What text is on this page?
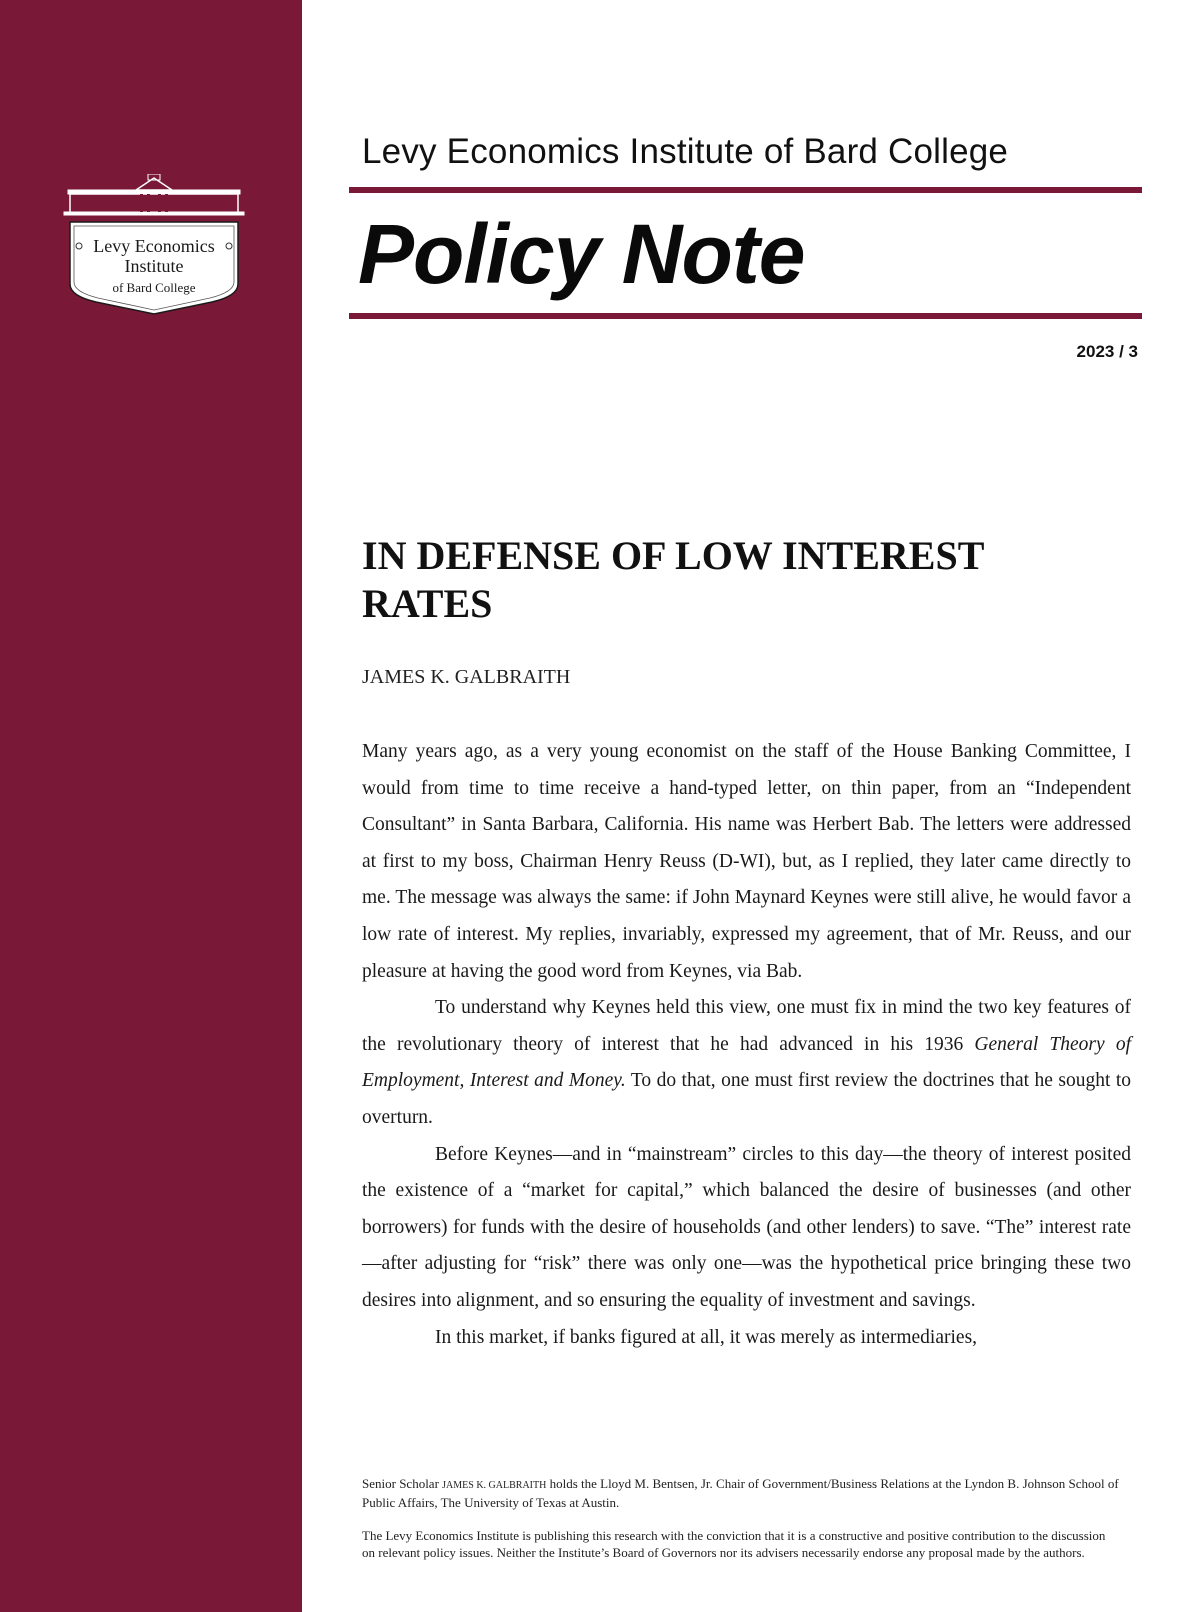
Levy Economics
Institute
of Bard College
Levy Economics Institute of Bard College
Policy Note
2023 / 3
IN DEFENSE OF LOW INTEREST RATES
JAMES K. GALBRAITH

Many years ago, as a very young economist on the staff of the House Banking Committee, I would from time to time receive a hand-typed letter, on thin paper, from an “Independent Consultant” in Santa Barbara, California. His name was Herbert Bab. The letters were addressed at first to my boss, Chairman Henry Reuss (D-WI), but, as I replied, they later came directly to me. The message was always the same: if John Maynard Keynes were still alive, he would favor a low rate of interest. My replies, invariably, expressed my agreement, that of Mr. Reuss, and our pleasure at having the good word from Keynes, via Bab.

To understand why Keynes held this view, one must fix in mind the two key features of the revolutionary theory of interest that he had advanced in his 1936 General Theory of Employment, Interest and Money. To do that, one must first review the doctrines that he sought to overturn.

Before Keynes—and in “mainstream” circles to this day—the theory of interest posited the existence of a “market for capital,” which balanced the desire of businesses (and other borrowers) for funds with the desire of households (and other lenders) to save. “The” interest rate—after adjusting for “risk” there was only one—was the hypothetical price bringing these two desires into alignment, and so ensuring the equality of investment and savings.

In this market, if banks figured at all, it was merely as intermediaries,

Senior Scholar JAMES K. GALBRAITH holds the Lloyd M. Bentsen, Jr. Chair of Government/Business Relations at the Lyndon B. Johnson School of Public Affairs, The University of Texas at Austin.

The Levy Economics Institute is publishing this research with the conviction that it is a constructive and positive contribution to the discussion on relevant policy issues. Neither the Institute’s Board of Governors nor its advisers necessarily endorse any proposal made by the authors.
